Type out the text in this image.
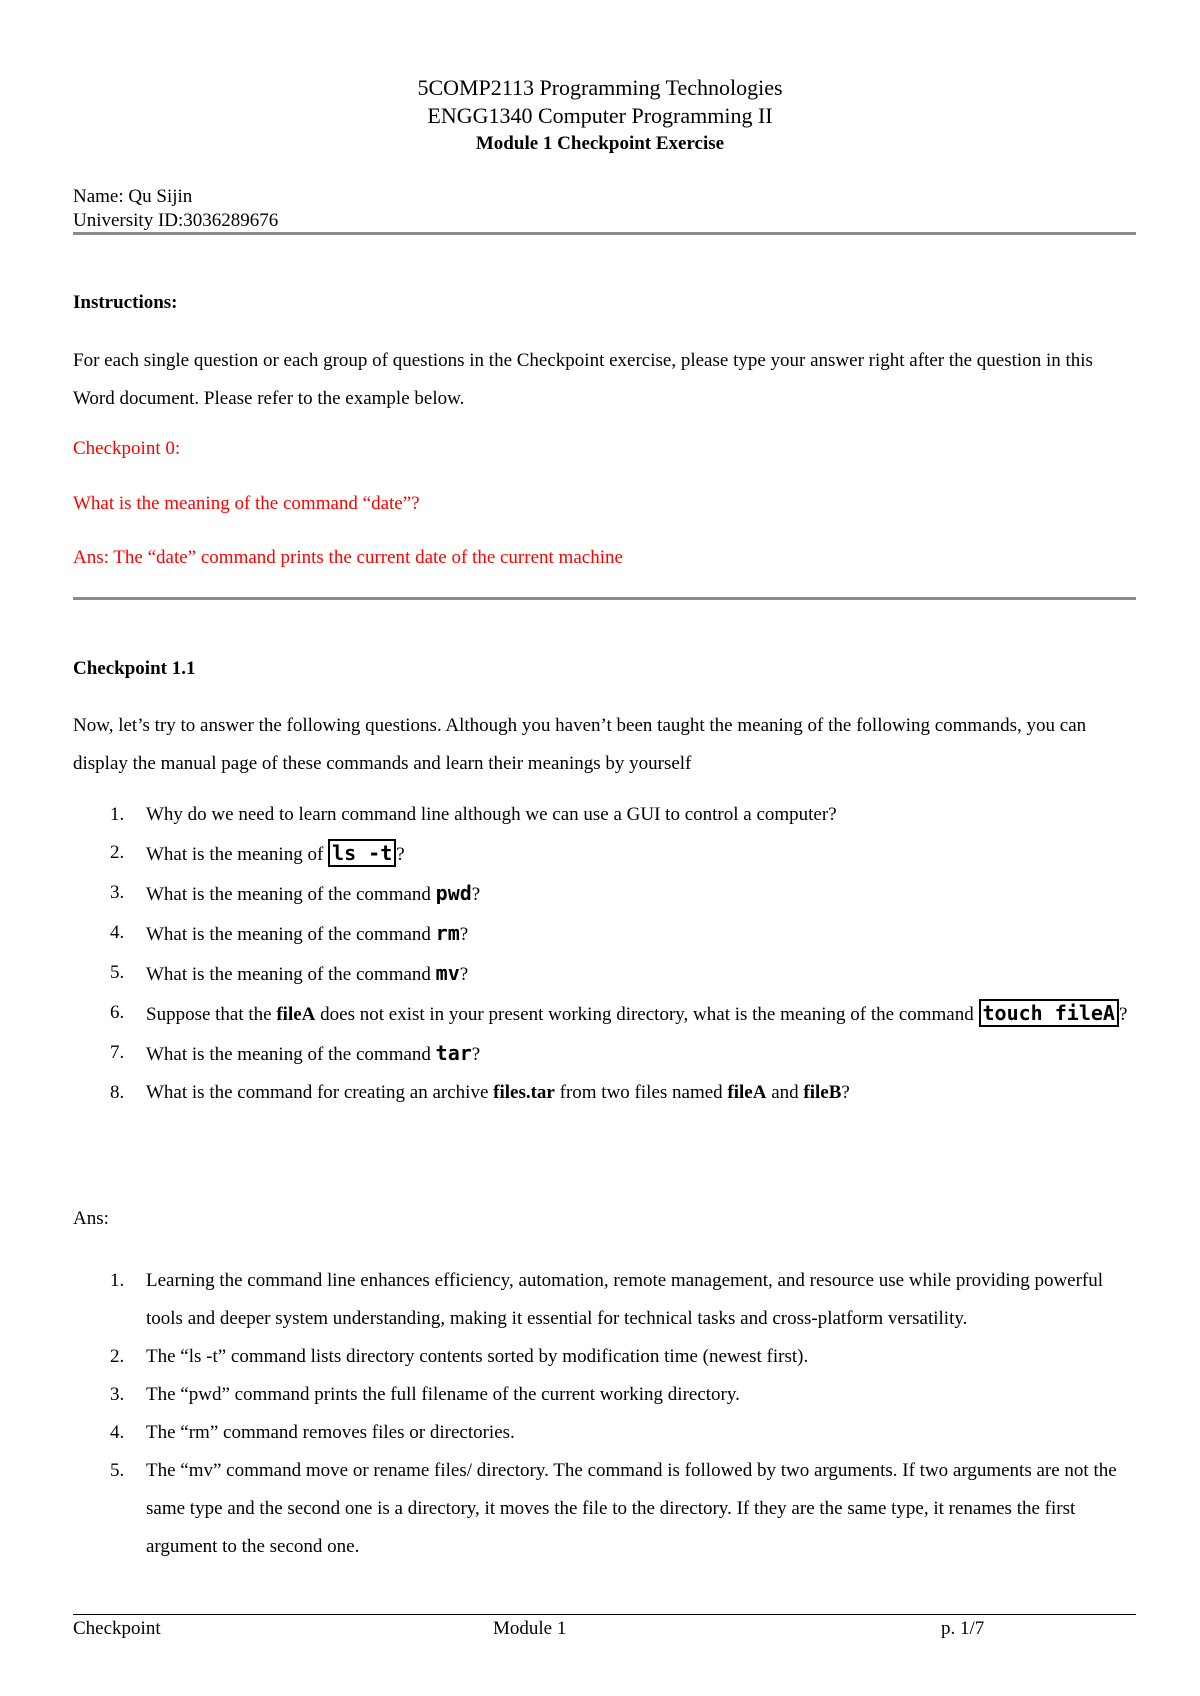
5COMP2113 Programming Technologies
ENGG1340 Computer Programming II
Module 1 Checkpoint Exercise
Name: Qu Sijin
University ID:3036289676

Instructions:

For each single question or each group of questions in the Checkpoint exercise, please type your answer right after the question in this Word document. Please refer to the example below.

Checkpoint 0:

What is the meaning of the command “date”?

Ans: The “date” command prints the current date of the current machine

Checkpoint 1.1

Now, let’s try to answer the following questions. Although you haven’t been taught the meaning of the following commands, you can display the manual page of these commands and learn their meanings by yourself

1. Why do we need to learn command line although we can use a GUI to control a computer?
2. What is the meaning of ls -t ?
3. What is the meaning of the command pwd?
4. What is the meaning of the command rm?
5. What is the meaning of the command mv?
6. Suppose that the fileA does not exist in your present working directory, what is the meaning of the command touch fileA ?
7. What is the meaning of the command tar?
8. What is the command for creating an archive files.tar from two files named fileA and fileB?

Ans:

1. Learning the command line enhances efficiency, automation, remote management, and resource use while providing powerful tools and deeper system understanding, making it essential for technical tasks and cross-platform versatility.
2. The “ls -t” command lists directory contents sorted by modification time (newest first).
3. The “pwd” command prints the full filename of the current working directory.
4. The “rm” command removes files or directories.
5. The “mv” command move or rename files/ directory. The command is followed by two arguments. If two arguments are not the same type and the second one is a directory, it moves the file to the directory. If they are the same type, it renames the first argument to the second one.
Checkpoint	Module 1	p. 1/7
